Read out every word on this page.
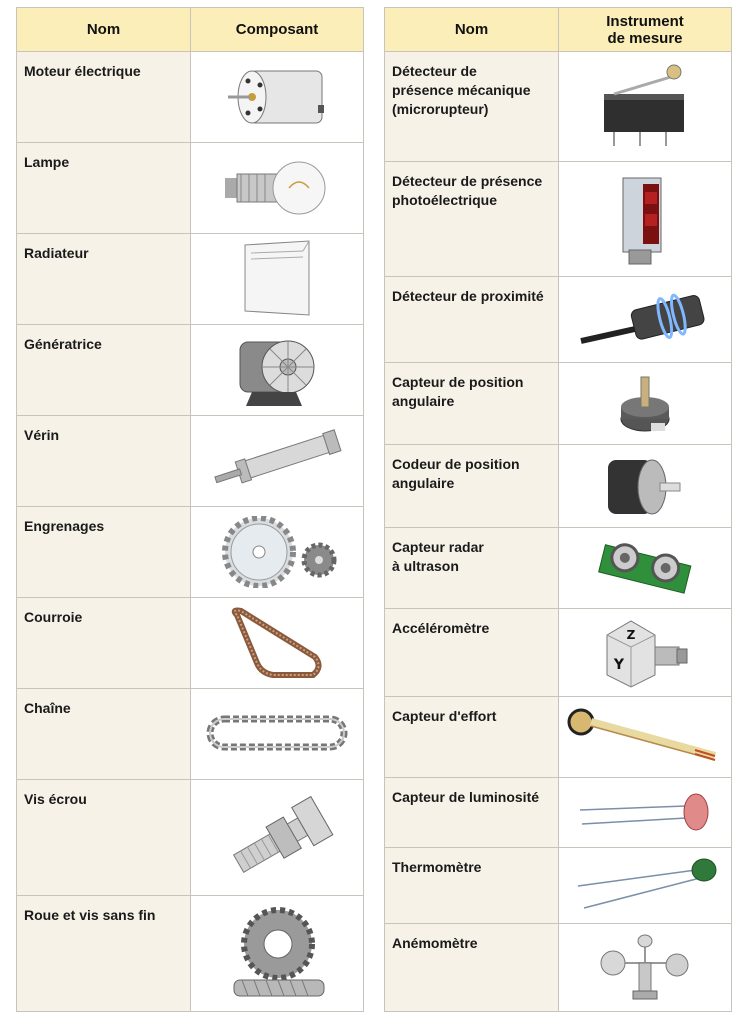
Nom	Composant
Moteur électrique	

Lampe	

Radiateur	

Génératrice	

Vérin	

Engrenages	

Courroie	

Chaîne	

Vis écrou	

Roue et vis sans fin	
Nom	Instrument
de mesure

Détecteur de
présence mécanique
(microrupteur)

Détecteur de présence
photoélectrique

Détecteur de proximité

Capteur de position
angulaire

Codeur de position
angulaire

Capteur radar
à ultrason

Accéléromètre	Z
Y

Capteur d'effort

Capteur de luminosité

Thermomètre

Anémomètre
